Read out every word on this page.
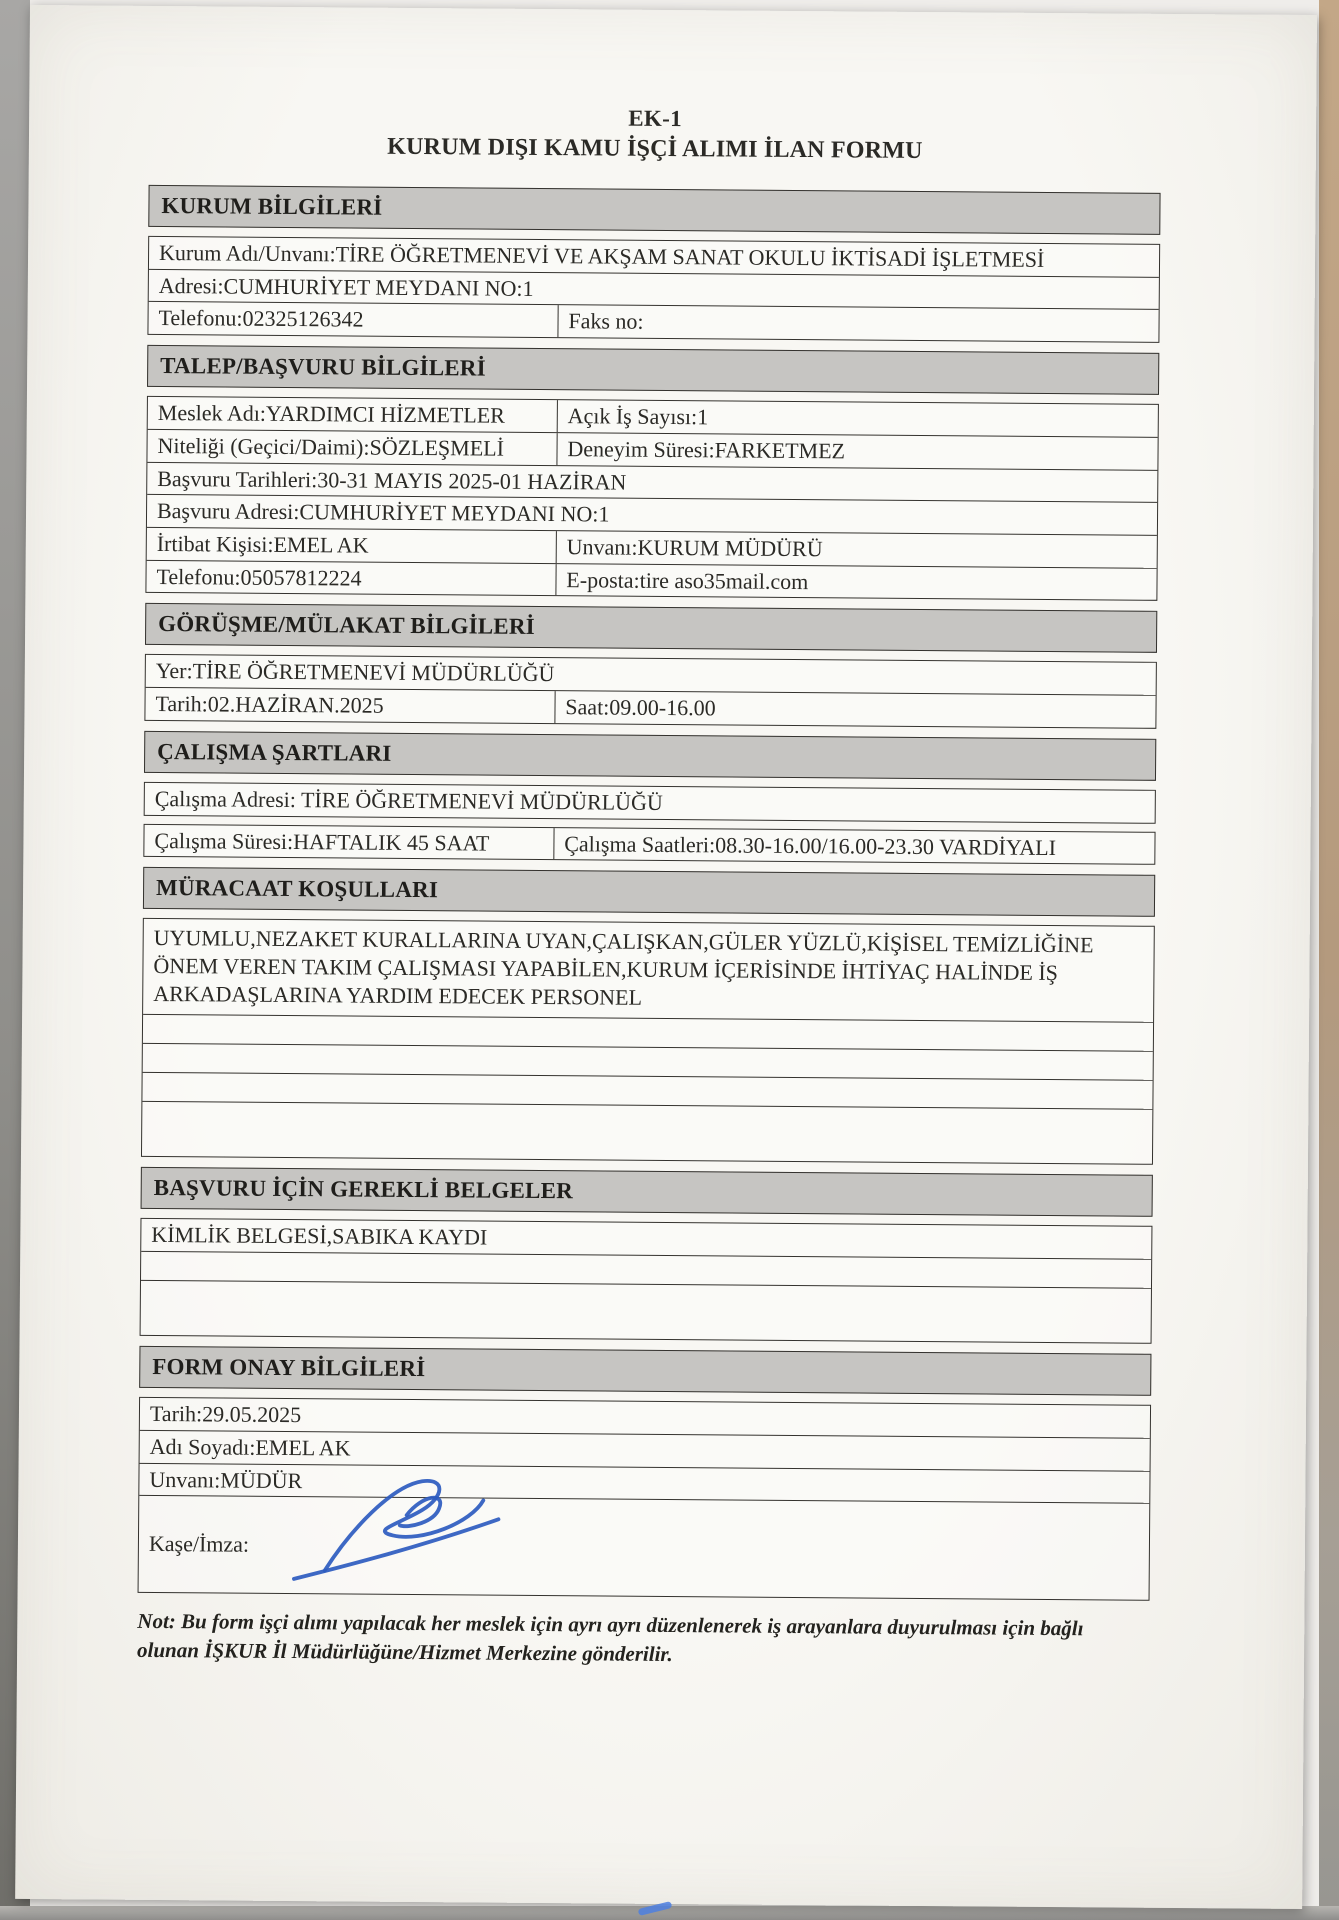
EK-1
KURUM DIŞI KAMU İŞÇİ ALIMI İLAN FORMU
KURUM BİLGİLERİ
Kurum Adı/Unvanı:TİRE ÖĞRETMENEVİ VE AKŞAM SANAT OKULU İKTİSADİ İŞLETMESİ
Adresi:CUMHURİYET MEYDANI NO:1
Telefonu:02325126342	Faks no:
TALEP/BAŞVURU BİLGİLERİ
Meslek Adı:YARDIMCI HİZMETLER	Açık İş Sayısı:1
Niteliği (Geçici/Daimi):SÖZLEŞMELİ	Deneyim Süresi:FARKETMEZ
Başvuru Tarihleri:30-31 MAYIS 2025-01 HAZİRAN
Başvuru Adresi:CUMHURİYET MEYDANI NO:1
İrtibat Kişisi:EMEL AK	Unvanı:KURUM MÜDÜRÜ
Telefonu:05057812224	E-posta:tire aso35mail.com
GÖRÜŞME/MÜLAKAT BİLGİLERİ
Yer:TİRE ÖĞRETMENEVİ MÜDÜRLÜĞÜ
Tarih:02.HAZİRAN.2025	Saat:09.00-16.00
ÇALIŞMA ŞARTLARI
Çalışma Adresi: TİRE ÖĞRETMENEVİ MÜDÜRLÜĞÜ
Çalışma Süresi:HAFTALIK 45 SAAT	Çalışma Saatleri:08.30-16.00/16.00-23.30 VARDİYALI
MÜRACAAT KOŞULLARI
UYUMLU,NEZAKET KURALLARINA UYAN,ÇALIŞKAN,GÜLER YÜZLÜ,KİŞİSEL TEMİZLİĞİNE ÖNEM VEREN TAKIM ÇALIŞMASI YAPABİLEN,KURUM İÇERİSİNDE İHTİYAÇ HALİNDE İŞ ARKADAŞLARINA YARDIM EDECEK PERSONEL
BAŞVURU İÇİN GEREKLİ BELGELER
KİMLİK BELGESİ,SABIKA KAYDI
FORM ONAY BİLGİLERİ
Tarih:29.05.2025
Adı Soyadı:EMEL AK
Unvanı:MÜDÜR
Kaşe/İmza:

Not: Bu form işçi alımı yapılacak her meslek için ayrı ayrı düzenlenerek iş arayanlara duyurulması için bağlı olunan İŞKUR İl Müdürlüğüne/Hizmet Merkezine gönderilir.
